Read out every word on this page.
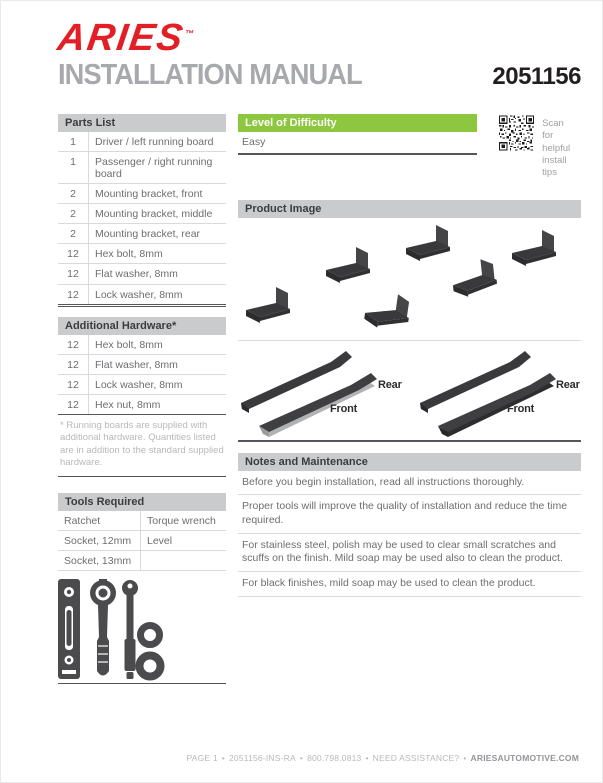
ARIES™
INSTALLATION MANUAL	2051156
Parts List
1	Driver / left running board
1	Passenger / right running board
2	Mounting bracket, front
2	Mounting bracket, middle
2	Mounting bracket, rear
12	Hex bolt, 8mm
12	Flat washer, 8mm
12	Lock washer, 8mm
Additional Hardware*
12	Hex bolt, 8mm
12	Flat washer, 8mm
12	Lock washer, 8mm
12	Hex nut, 8mm
* Running boards are supplied with additional hardware. Quantities listed are in addition to the standard supplied hardware.
Tools Required
Ratchet	Torque wrench
Socket, 12mm	Level
Socket, 13mm
Level of Difficulty
Easy
Scan
for helpful
install tips
Product Image
Rear
Front
Rear
Front
Notes and Maintenance
Before you begin installation, read all instructions thoroughly.
Proper tools will improve the quality of installation and reduce the time required.
For stainless steel, polish may be used to clear small scratches and scuffs on the finish. Mild soap may be used also to clean the product.
For black finishes, mild soap may be used to clean the product.
PAGE 1 • 2051156-INS-RA • 800.798.0813 • NEED ASSISTANCE? • ARIESAUTOMOTIVE.COM
